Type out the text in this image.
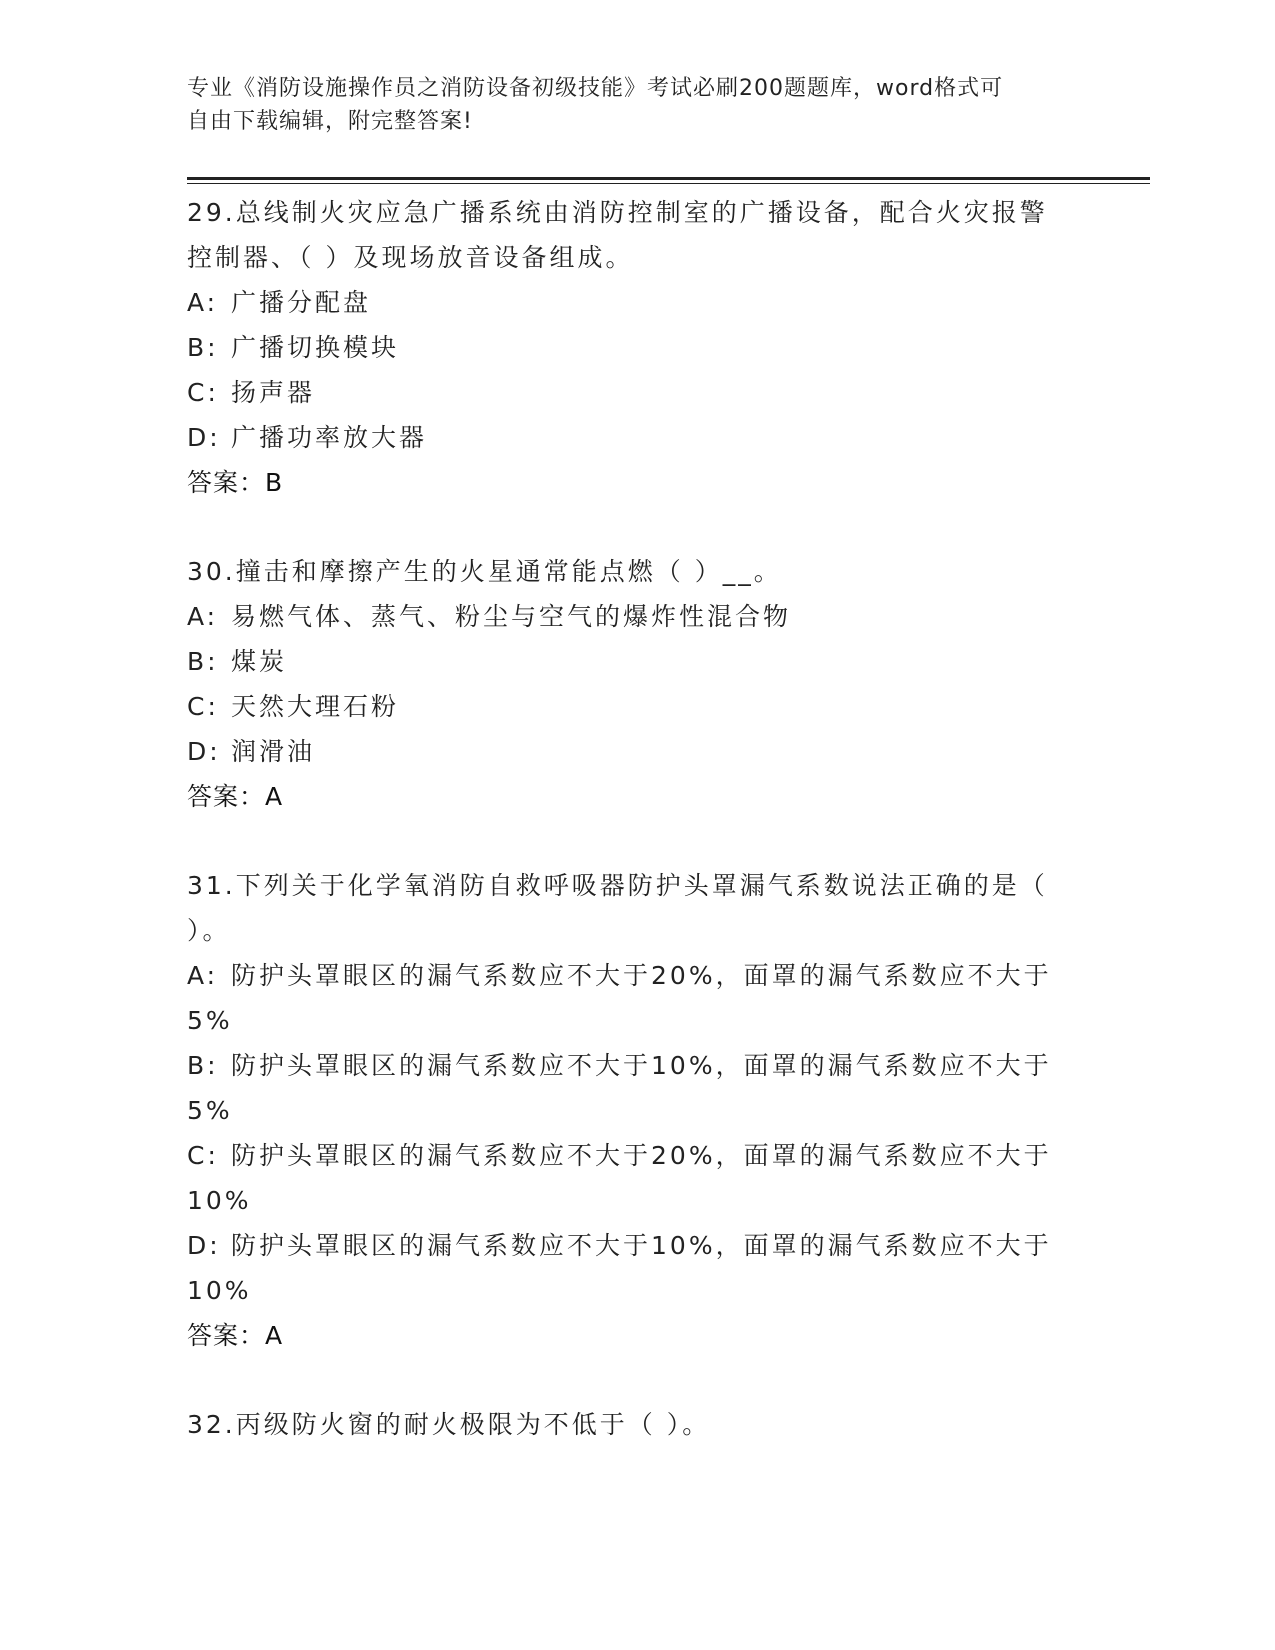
专业《消防设施操作员之消防设备初级技能》考试必刷200题题库，word格式可
自由下载编辑，附完整答案!
29.总线制火灾应急广播系统由消防控制室的广播设备，配合火灾报警
控制器、（ ）及现场放音设备组成。
A: 广播分配盘
B: 广播切换模块
C: 扬声器
D: 广播功率放大器
答案：B
30.撞击和摩擦产生的火星通常能点燃（ ）__。
A: 易燃气体、蒸气、粉尘与空气的爆炸性混合物
B: 煤炭
C: 天然大理石粉
D: 润滑油
答案：A
31.下列关于化学氧消防自救呼吸器防护头罩漏气系数说法正确的是（
）。
A: 防护头罩眼区的漏气系数应不大于20%，面罩的漏气系数应不大于
5%
B: 防护头罩眼区的漏气系数应不大于10%，面罩的漏气系数应不大于
5%
C: 防护头罩眼区的漏气系数应不大于20%，面罩的漏气系数应不大于
10%
D: 防护头罩眼区的漏气系数应不大于10%，面罩的漏气系数应不大于
10%
答案：A
32.丙级防火窗的耐火极限为不低于（ ）。
